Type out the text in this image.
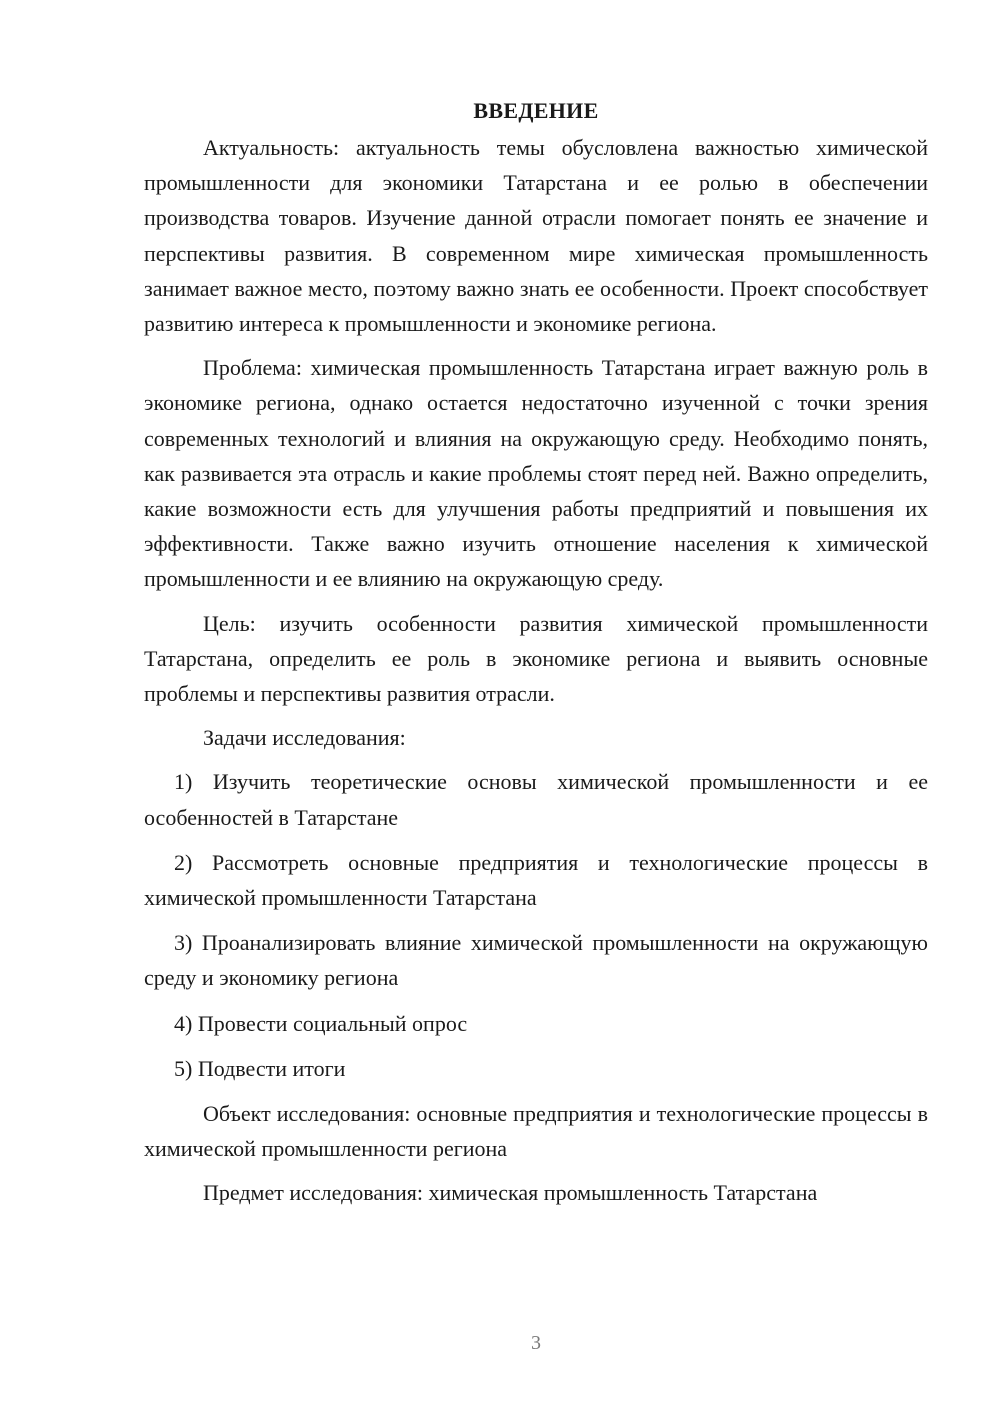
ВВЕДЕНИЕ

Актуальность: актуальность темы обусловлена важностью химической промышленности для экономики Татарстана и ее ролью в обеспечении производства товаров. Изучение данной отрасли помогает понять ее значение и перспективы развития. В современном мире химическая промышленность занимает важное место, поэтому важно знать ее особенности. Проект способствует развитию интереса к промышленности и экономике региона.

Проблема: химическая промышленность Татарстана играет важную роль в экономике региона, однако остается недостаточно изученной с точки зрения современных технологий и влияния на окружающую среду. Необходимо понять, как развивается эта отрасль и какие проблемы стоят перед ней. Важно определить, какие возможности есть для улучшения работы предприятий и повышения их эффективности. Также важно изучить отношение населения к химической промышленности и ее влиянию на окружающую среду.

Цель: изучить особенности развития химической промышленности Татарстана, определить ее роль в экономике региона и выявить основные проблемы и перспективы развития отрасли.

Задачи исследования:

1) Изучить теоретические основы химической промышленности и ее особенностей в Татарстане

2) Рассмотреть основные предприятия и технологические процессы в химической промышленности Татарстана

3) Проанализировать влияние химической промышленности на окружающую среду и экономику региона

4) Провести социальный опрос

5) Подвести итоги

Объект исследования: основные предприятия и технологические процессы в химической промышленности региона

Предмет исследования: химическая промышленность Татарстана

3
